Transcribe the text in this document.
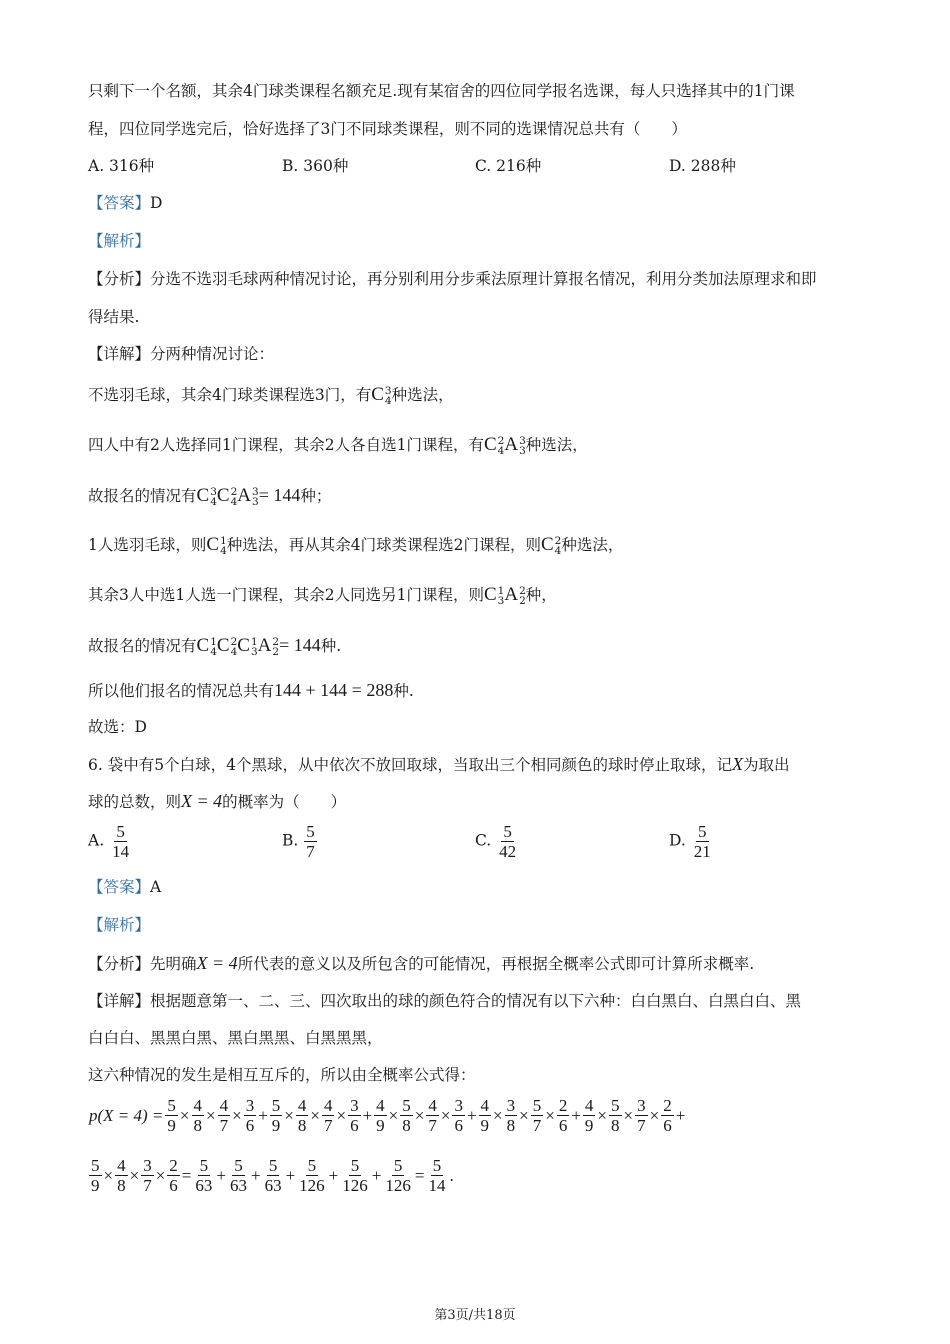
只剩下一个名额，其余4门球类课程名额充足.现有某宿舍的四位同学报名选课，每人只选择其中的1门课
程，四位同学选完后，恰好选择了3门不同球类课程，则不同的选课情况总共有（　　）
A. 316种	B. 360种	C. 216种	D. 288种
【答案】D
【解析】
【分析】分选不选羽毛球两种情况讨论，再分别利用分步乘法原理计算报名情况，利用分类加法原理求和即
得结果.
【详解】分两种情况讨论：
不选羽毛球，其余4门球类课程选3门，有C 3
4 种选法，
四人中有2人选择同1门课程，其余2人各自选1门课程，有C 2
4 A 3
3 种选法，
故报名的情况有C 3
4 C 2
4 A 3
3 = 144种；
1人选羽毛球，则C 1
4 种选法，再从其余4门球类课程选2门课程，则C 2
4 种选法，
其余3人中选1人选一门课程，其余2人同选另1门课程，则C 1
3 A 2
2 种，
故报名的情况有C 1
4 C 2
4 C 1
3 A 2
2 = 144种.
所以他们报名的情况总共有144 + 144 = 288种.
故选：D
6. 袋中有5个白球，4个黑球，从中依次不放回取球，当取出三个相同颜色的球时停止取球，记X为取出
球的总数，则X = 4的概率为（　　）
A. $\frac{5}{14}$	B. $\frac{5}{7}$	C. $\frac{5}{42}$	D. $\frac{5}{21}$
【答案】A
【解析】
【分析】先明确X = 4所代表的意义以及所包含的可能情况，再根据全概率公式即可计算所求概率.
【详解】根据题意第一、二、三、四次取出的球的颜色符合的情况有以下六种：白白黑白、白黑白白、黑
白白白、黑黑白黑、黑白黑黑、白黑黑黑，
这六种情况的发生是相互互斥的，所以由全概率公式得：
$p(X = 4) = \frac{5}{9} \times \frac{4}{8} \times \frac{4}{7} \times \frac{3}{6} + \frac{5}{9} \times \frac{4}{8} \times \frac{4}{7} \times \frac{3}{6} + \frac{4}{9} \times \frac{5}{8} \times \frac{4}{7} \times \frac{3}{6} + \frac{4}{9} \times \frac{3}{8} \times \frac{5}{7} \times \frac{2}{6} + \frac{4}{9} \times \frac{5}{8} \times \frac{3}{7} \times \frac{2}{6}$ +
$\frac{5}{9} \times \frac{4}{8} \times \frac{3}{7} \times \frac{2}{6} = \frac{5}{63} + \frac{5}{63} + \frac{5}{63} + \frac{5}{126} + \frac{5}{126} + \frac{5}{126} = \frac{5}{14}$ .
第3页/共18页
